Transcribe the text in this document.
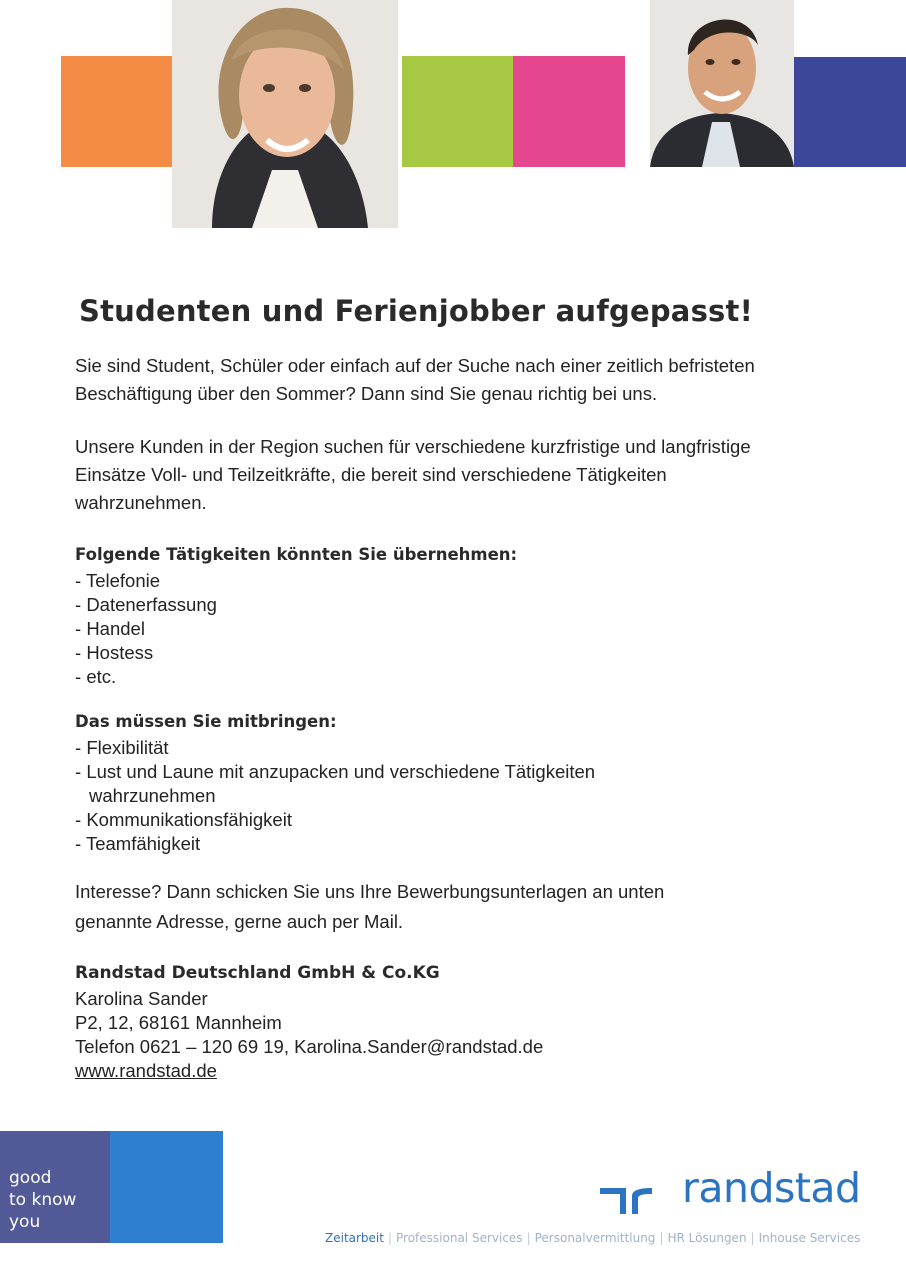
Studenten und Ferienjobber aufgepasst!

Sie sind Student, Schüler oder einfach auf der Suche nach einer zeitlich befristeten Beschäftigung über den Sommer? Dann sind Sie genau richtig bei uns.

Unsere Kunden in der Region suchen für verschiedene kurzfristige und langfristige Einsätze Voll- und Teilzeitkräfte, die bereit sind verschiedene Tätigkeiten wahrzunehmen.

Folgende Tätigkeiten könnten Sie übernehmen:

- Telefonie
- Datenerfassung
- Handel
- Hostess
- etc.

Das müssen Sie mitbringen:

- Flexibilität
- Lust und Laune mit anzupacken und verschiedene Tätigkeiten wahrzunehmen
- Kommunikationsfähigkeit
- Teamfähigkeit

Interesse? Dann schicken Sie uns Ihre Bewerbungsunterlagen an unten genannte Adresse, gerne auch per Mail.

Randstad Deutschland GmbH & Co.KG

Karolina Sander
P2, 12, 68161 Mannheim
Telefon 0621 – 120 69 19, Karolina.Sander@randstad.de
www.randstad.de
good
to know
you
randstad
Zeitarbeit | Professional Services | Personalvermittlung | HR Lösungen | Inhouse Services
